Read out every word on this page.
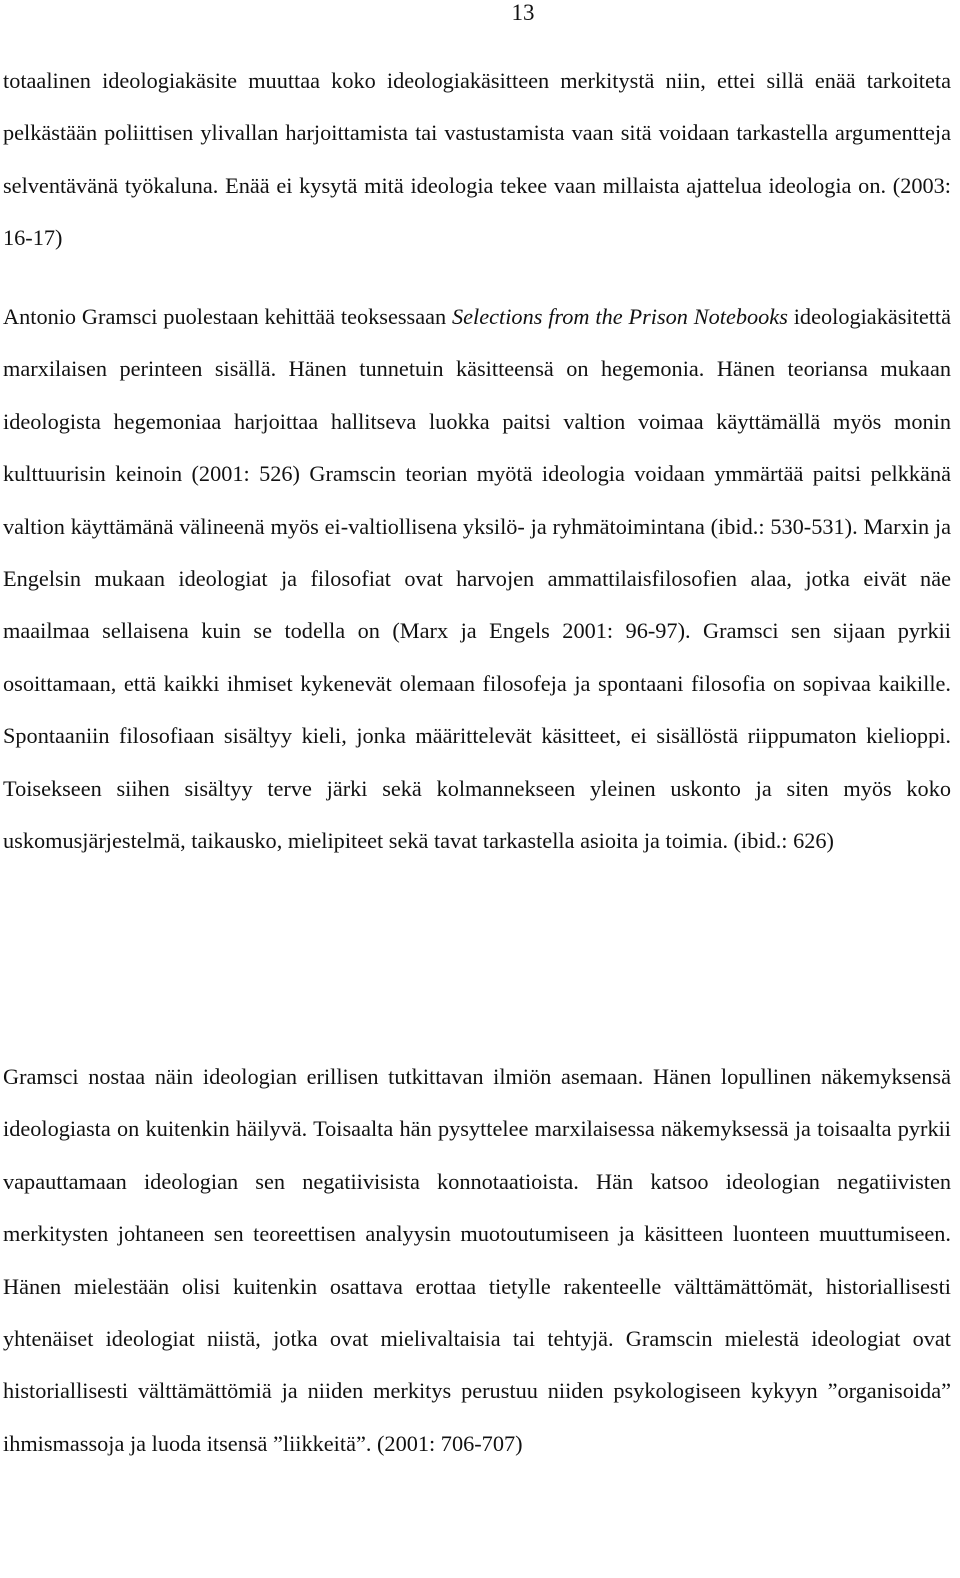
13

totaalinen ideologiakäsite muuttaa koko ideologiakäsitteen merkitystä niin, ettei sillä enää tarkoiteta pelkästään poliittisen ylivallan harjoittamista tai vastustamista vaan sitä voidaan tarkastella argumentteja selventävänä työkaluna. Enää ei kysytä mitä ideologia tekee vaan millaista ajattelua ideologia on. (2003: 16-17)

Antonio Gramsci puolestaan kehittää teoksessaan Selections from the Prison Notebooks ideologiakäsitettä marxilaisen perinteen sisällä. Hänen tunnetuin käsitteensä on hegemonia. Hänen teoriansa mukaan ideologista hegemoniaa harjoittaa hallitseva luokka paitsi valtion voimaa käyttämällä myös monin kulttuurisin keinoin (2001: 526) Gramscin teorian myötä ideologia voidaan ymmärtää paitsi pelkkänä valtion käyttämänä välineenä myös ei-valtiollisena yksilö- ja ryhmätoimintana (ibid.: 530-531). Marxin ja Engelsin mukaan ideologiat ja filosofiat ovat harvojen ammattilaisfilosofien alaa, jotka eivät näe maailmaa sellaisena kuin se todella on (Marx ja Engels 2001: 96-97). Gramsci sen sijaan pyrkii osoittamaan, että kaikki ihmiset kykenevät olemaan filosofeja ja spontaani filosofia on sopivaa kaikille. Spontaaniin filosofiaan sisältyy kieli, jonka määrittelevät käsitteet, ei sisällöstä riippumaton kielioppi. Toisekseen siihen sisältyy terve järki sekä kolmannekseen yleinen uskonto ja siten myös koko uskomusjärjestelmä, taikausko, mielipiteet sekä tavat tarkastella asioita ja toimia. (ibid.: 626)

Gramsci nostaa näin ideologian erillisen tutkittavan ilmiön asemaan. Hänen lopullinen näkemyksensä ideologiasta on kuitenkin häilyvä. Toisaalta hän pysyttelee marxilaisessa näkemyksessä ja toisaalta pyrkii vapauttamaan ideologian sen negatiivisista konnotaatioista. Hän katsoo ideologian negatiivisten merkitysten johtaneen sen teoreettisen analyysin muotoutumiseen ja käsitteen luonteen muuttumiseen. Hänen mielestään olisi kuitenkin osattava erottaa tietylle rakenteelle välttämättömät, historiallisesti yhtenäiset ideologiat niistä, jotka ovat mielivaltaisia tai tehtyjä. Gramscin mielestä ideologiat ovat historiallisesti välttämättömiä ja niiden merkitys perustuu niiden psykologiseen kykyyn ”organisoida” ihmismassoja ja luoda itsensä ”liikkeitä”. (2001: 706-707)
